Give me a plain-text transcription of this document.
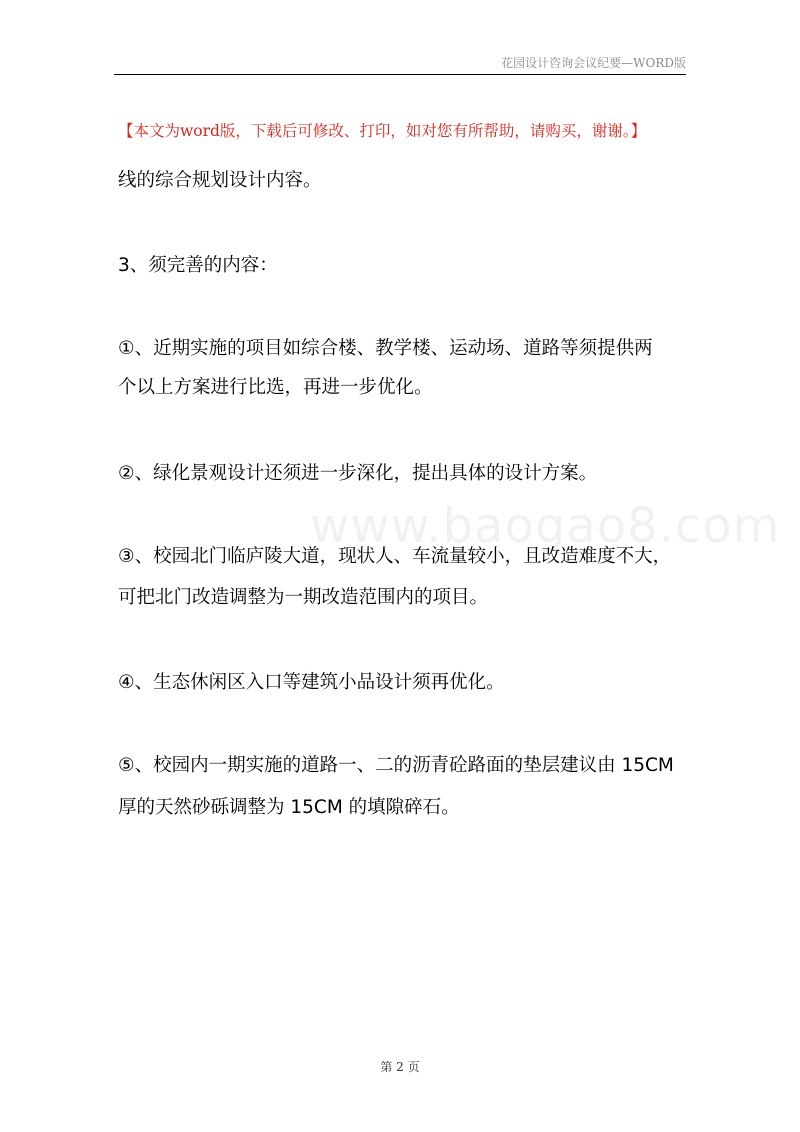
花园设计咨询会议纪要—WORD版
【本文为word版，下载后可修改、打印，如对您有所帮助，请购买，谢谢。】
www.baogao8.com
线的综合规划设计内容。
3、须完善的内容：
①、近期实施的项目如综合楼、教学楼、运动场、道路等须提供两
个以上方案进行比选，再进一步优化。
②、绿化景观设计还须进一步深化，提出具体的设计方案。
③、校园北门临庐陵大道，现状人、车流量较小，且改造难度不大，
可把北门改造调整为一期改造范围内的项目。
④、生态休闲区入口等建筑小品设计须再优化。
⑤、校园内一期实施的道路一、二的沥青砼路面的垫层建议由 15CM
厚的天然砂砾调整为 15CM 的填隙碎石。
第 2 页
